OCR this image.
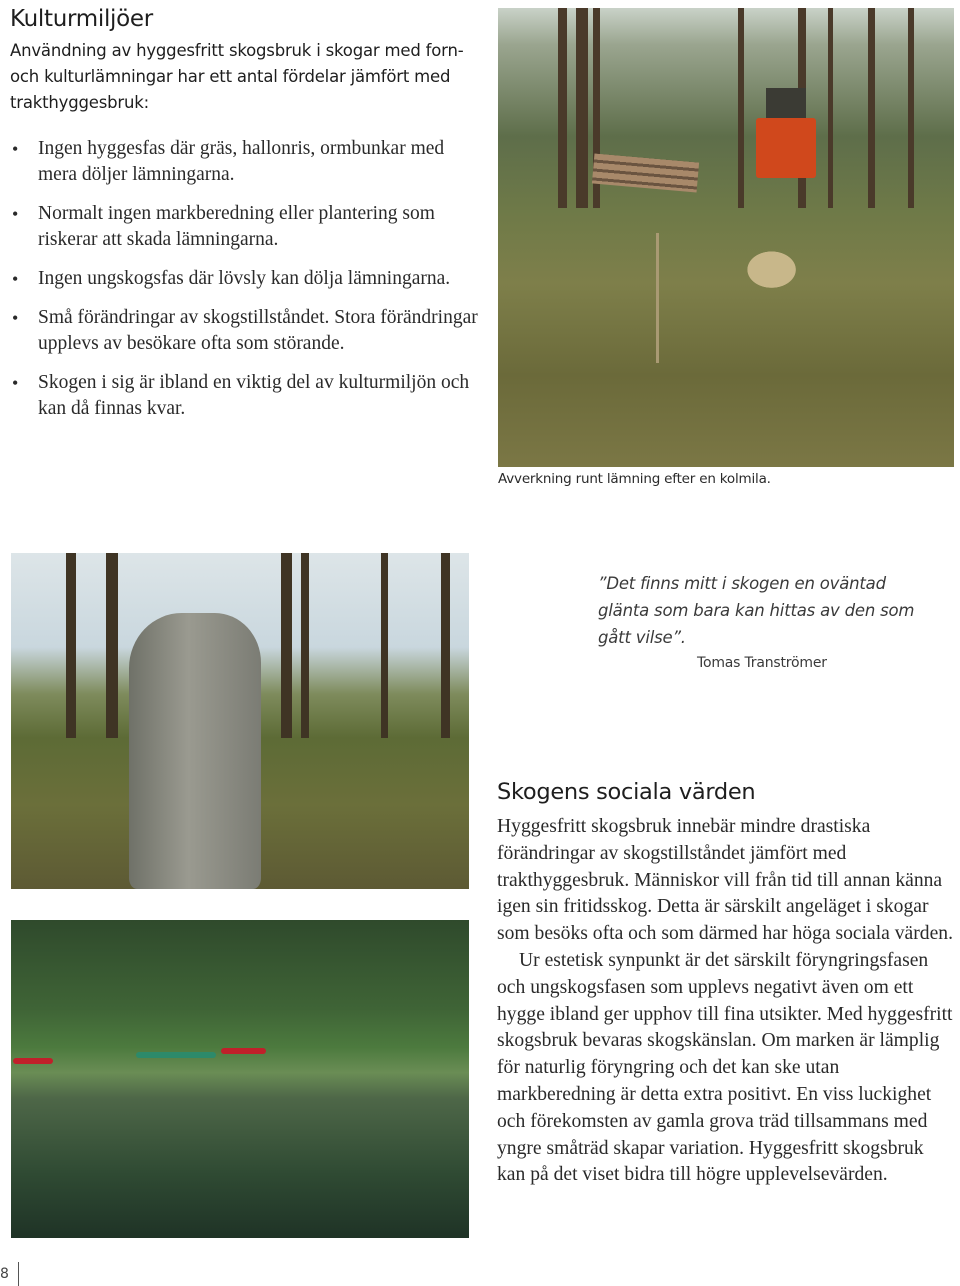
Kulturmiljöer

Användning av hyggesfritt skogsbruk i skogar med forn- och kulturlämningar har ett antal fördelar jämfört med trakthyggesbruk:

• Ingen hyggesfas där gräs, hallonris, ormbunkar med mera döljer lämningarna.
• Normalt ingen markberedning eller plantering som riskerar att skada lämningarna.
• Ingen ungskogsfas där lövsly kan dölja lämningarna.
• Små förändringar av skogstillståndet. Stora förändringar upplevs av besökare ofta som störande.
• Skogen i sig är ibland en viktig del av kulturmiljön och kan då finnas kvar.
Avverkning runt lämning efter en kolmila.

”Det finns mitt i skogen en oväntad glänta som bara kan hittas av den som gått vilse”.

Tomas Tranströmer

Skogens sociala värden

Hyggesfritt skogsbruk innebär mindre drastiska förändringar av skogstillståndet jämfört med trakthyggesbruk. Människor vill från tid till annan känna igen sin fritidsskog. Detta är särskilt angeläget i skogar som besöks ofta och som därmed har höga sociala värden.

Ur estetisk synpunkt är det särskilt föryngringsfasen och ungskogsfasen som upplevs negativt även om ett hygge ibland ger upphov till fina utsikter. Med hyggesfritt skogsbruk bevaras skogskänslan. Om marken är lämplig för naturlig föryngring och det kan ske utan markberedning är detta extra positivt. En viss luckighet och förekomsten av gamla grova träd tillsammans med yngre småträd skapar variation. Hyggesfritt skogsbruk kan på det viset bidra till högre upplevelsevärden.

8
